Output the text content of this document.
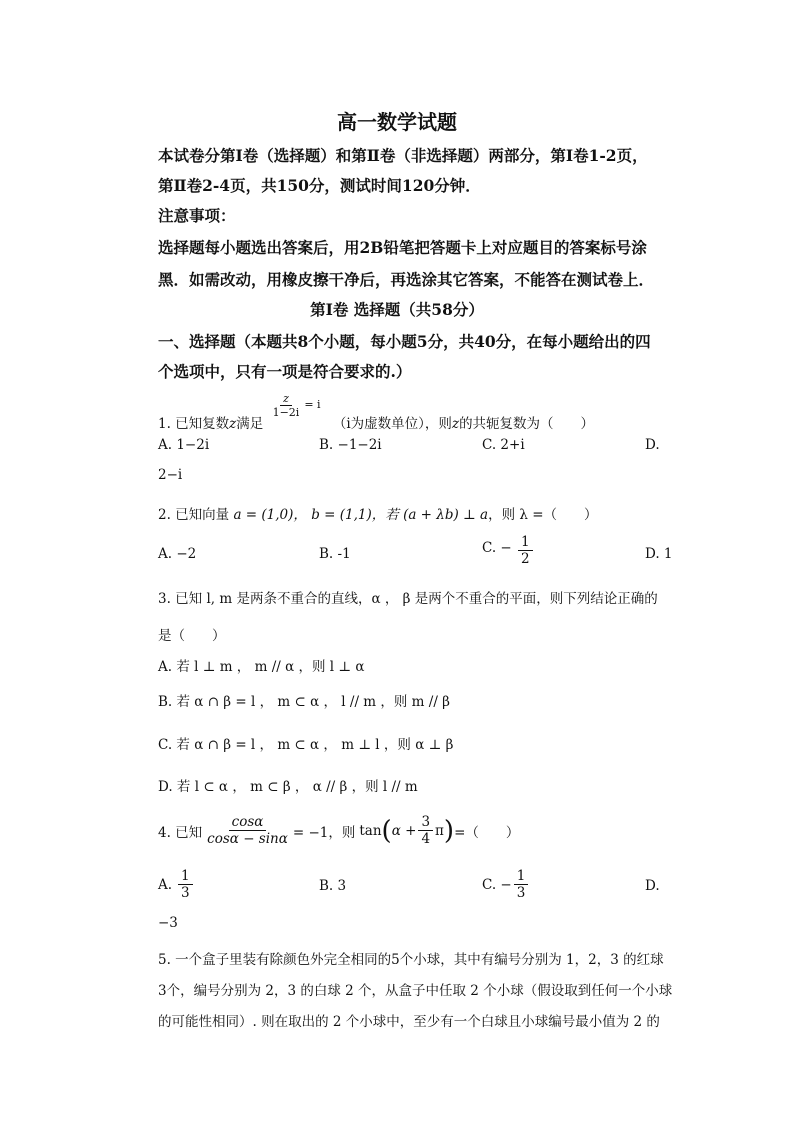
高一数学试题
本试卷分第Ⅰ卷（选择题）和第Ⅱ卷（非选择题）两部分，第Ⅰ卷1-2页，
第Ⅱ卷2-4页，共150分，测试时间120分钟．
注意事项：
选择题每小题选出答案后，用2B铅笔把答题卡上对应题目的答案标号涂
黑．如需改动，用橡皮擦干净后，再选涂其它答案，不能答在测试卷上．
第Ⅰ卷 选择题（共58分）
一、选择题（本题共8个小题，每小题5分，共40分，在每小题给出的四
个选项中，只有一项是符合要求的.）
1. 已知复数z满足
$\frac{z}{1-2i} ^{= i}$ （i为虚数单位），则z的共轭复数为（　　）
A. 1−2i	B. −1−2i	C. 2+i	D.
2−i
2. 已知向量 a = (1,0)， b = (1,1)，若 (a + λb) ⊥ a，则 λ =（　　）
A. −2	B. -1	C. − $\frac{1}{2}$	D. 1
3. 已知 l, m 是两条不重合的直线，α ， β 是两个不重合的平面，则下列结论正确的
是（　　）
A. 若 l ⊥ m ， m // α ，则 l ⊥ α
B. 若 α ∩ β = l ， m ⊂ α ， l // m ，则 m // β
C. 若 α ∩ β = l ， m ⊂ α ， m ⊥ l ，则 α ⊥ β
D. 若 l ⊂ α ， m ⊂ β ， α // β ，则 l // m
4. 已知 $\frac{\cos\alpha}{\cos\alpha - \sin\alpha} = -1$，则 tan ( $\alpha + \frac{3}{4}$ π ) =（　　）
A. $\frac{1}{3}$	B. 3	C. − $\frac{1}{3}$	D.
−3
5. 一个盒子里装有除颜色外完全相同的5个小球，其中有编号分别为 1，2，3 的红球
3个，编号分别为 2，3 的白球 2 个，从盒子中任取 2 个小球（假设取到任何一个小球
的可能性相同）. 则在取出的 2 个小球中，至少有一个白球且小球编号最小值为 2 的
